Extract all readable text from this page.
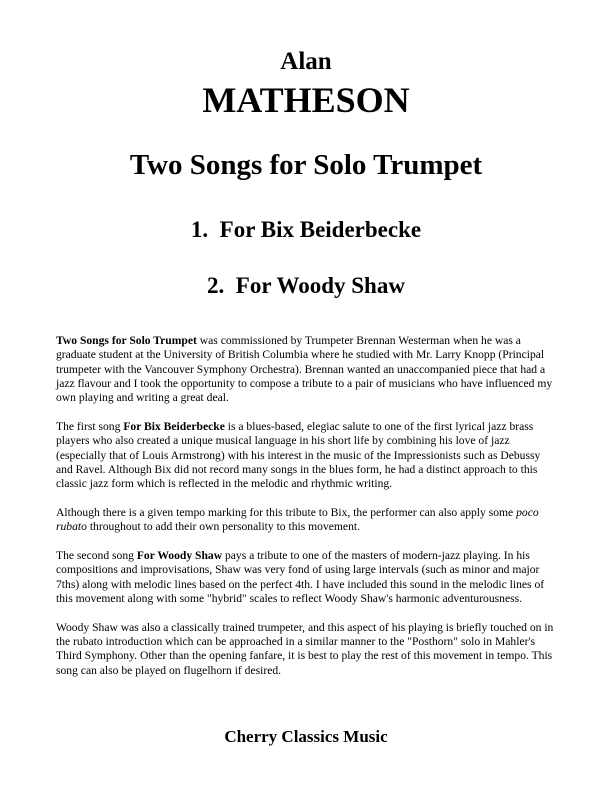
Alan
MATHESON
Two Songs for Solo Trumpet
1. For Bix Beiderbecke
2. For Woody Shaw

Two Songs for Solo Trumpet was commissioned by Trumpeter Brennan Westerman when he was a graduate student at the University of British Columbia where he studied with Mr. Larry Knopp (Principal trumpeter with the Vancouver Symphony Orchestra). Brennan wanted an unaccompanied piece that had a jazz flavour and I took the opportunity to compose a tribute to a pair of musicians who have influenced my own playing and writing a great deal.

The first song For Bix Beiderbecke is a blues-based, elegiac salute to one of the first lyrical jazz brass players who also created a unique musical language in his short life by combining his love of jazz (especially that of Louis Armstrong) with his interest in the music of the Impressionists such as Debussy and Ravel. Although Bix did not record many songs in the blues form, he had a distinct approach to this classic jazz form which is reflected in the melodic and rhythmic writing.

Although there is a given tempo marking for this tribute to Bix, the performer can also apply some poco rubato throughout to add their own personality to this movement.

The second song For Woody Shaw pays a tribute to one of the masters of modern-jazz playing. In his compositions and improvisations, Shaw was very fond of using large intervals (such as minor and major 7ths) along with melodic lines based on the perfect 4th. I have included this sound in the melodic lines of this movement along with some "hybrid" scales to reflect Woody Shaw's harmonic adventurousness.

Woody Shaw was also a classically trained trumpeter, and this aspect of his playing is briefly touched on in the rubato introduction which can be approached in a similar manner to the "Posthorn" solo in Mahler's Third Symphony. Other than the opening fanfare, it is best to play the rest of this movement in tempo. This song can also be played on flugelhorn if desired.

Cherry Classics Music
